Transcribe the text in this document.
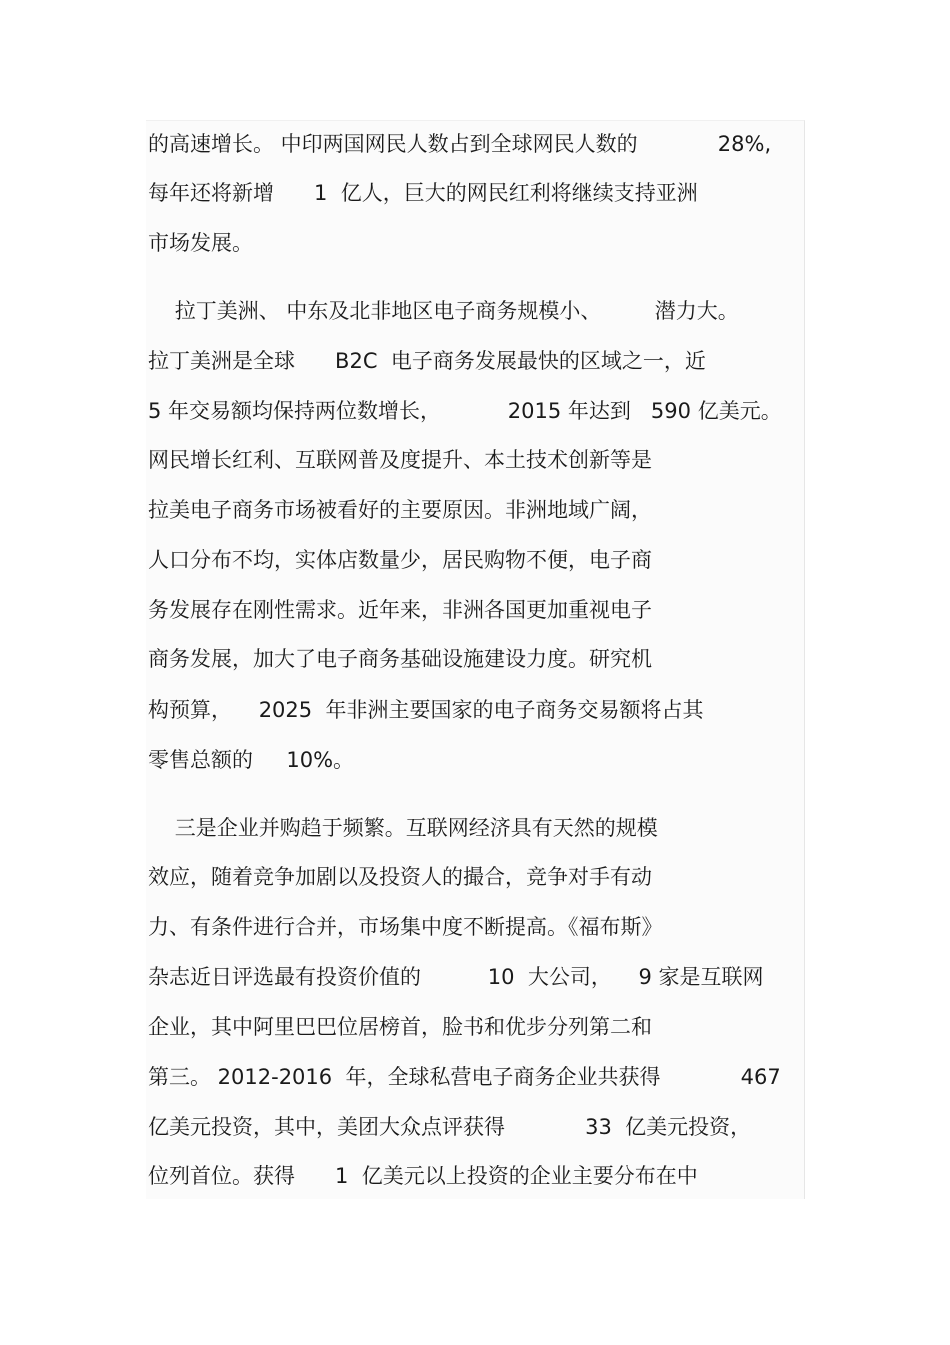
的高速增长。 中印两国网民人数占到全球网民人数的            28%,
每年还将新增      1  亿人，巨大的网民红利将继续支持亚洲
市场发展。
拉丁美洲、 中东及北非地区电子商务规模小、        潜力大。
拉丁美洲是全球      B2C  电子商务发展最快的区域之一，近
5 年交易额均保持两位数增长，          2015 年达到   590 亿美元。
网民增长红利、互联网普及度提升、本土技术创新等是
拉美电子商务市场被看好的主要原因。非洲地域广阔，
人口分布不均，实体店数量少，居民购物不便，电子商
务发展存在刚性需求。近年来，非洲各国更加重视电子
商务发展，加大了电子商务基础设施建设力度。研究机
构预算，    2025  年非洲主要国家的电子商务交易额将占其
零售总额的     10%。
三是企业并购趋于频繁。互联网经济具有天然的规模
效应，随着竞争加剧以及投资人的撮合，竞争对手有动
力、有条件进行合并，市场集中度不断提高。《福布斯》
杂志近日评选最有投资价值的          10  大公司，    9 家是互联网
企业，其中阿里巴巴位居榜首，脸书和优步分列第二和
第三。 2012-2016  年，全球私营电子商务企业共获得            467
亿美元投资，其中，美团大众点评获得            33  亿美元投资，
位列首位。获得      1  亿美元以上投资的企业主要分布在中
